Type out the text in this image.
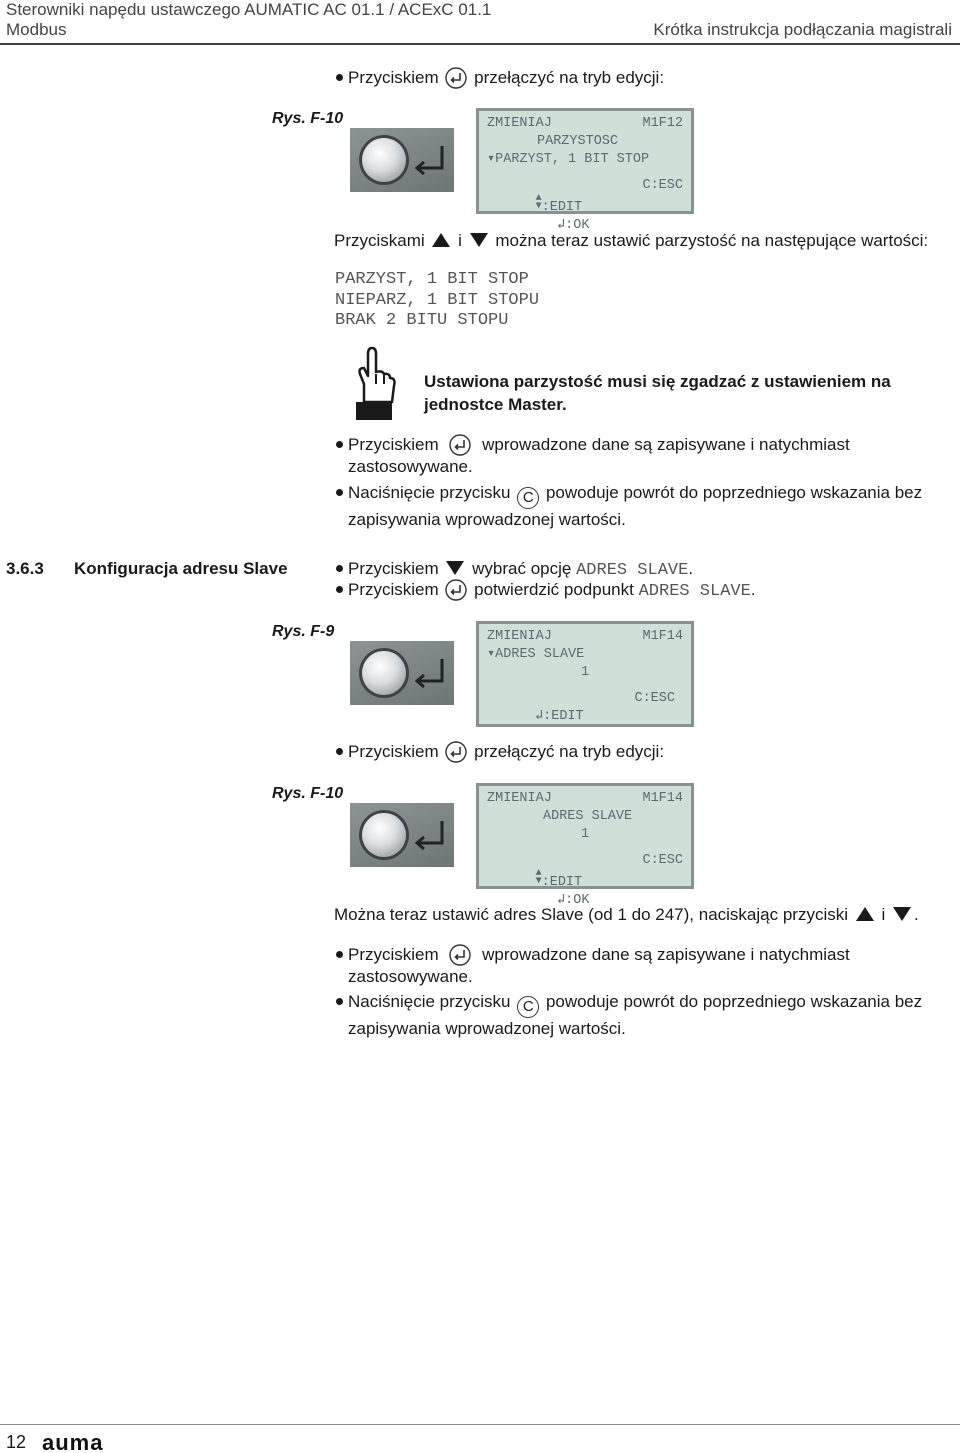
Sterowniki napędu ustawczego AUMATIC AC 01.1 / ACExC 01.1
Modbus	Krótka instrukcja podłączania magistrali
Przyciskiem przełączyć na tryb edycji:
Rys. F-10	ZMIENIAJ	M1F12
PARZYSTOSC
▾PARZYST, 1 BIT STOP

▲
▼:EDIT

↲:OK

C:ESC

Przyciskami i można teraz ustawić parzystość na następujące wartości:
PARZYST, 1 BIT STOP
NIEPARZ, 1 BIT STOPU
BRAK 2 BITU STOPU
Ustawiona parzystość musi się zgadzać z ustawieniem na
jednostce Master.
Przyciskiem	wprowadzone dane są zapisywane i natychmiast
zastosowywane.
Naciśnięcie przycisku C powoduje powrót do poprzedniego wskazania bez
zapisywania wprowadzonej wartości.
3.6.3 Konfiguracja adresu Slave	Przyciskiem wybrać opcję ADRES SLAVE.
Przyciskiem potwierdzić podpunkt ADRES SLAVE.
Rys. F-9	ZMIENIAJ	M1F14
▾ADRES SLAVE
1

↲:EDIT

C:ESC

Przyciskiem przełączyć na tryb edycji:
Rys. F-10	ZMIENIAJ	M1F14
ADRES SLAVE
1

▲
▼:EDIT

↲:OK

C:ESC

Można teraz ustawić adres Slave (od 1 do 247), naciskając przyciski i .
Przyciskiem	wprowadzone dane są zapisywane i natychmiast
zastosowywane.
Naciśnięcie przycisku C powoduje powrót do poprzedniego wskazania bez
zapisywania wprowadzonej wartości.
12 auma
